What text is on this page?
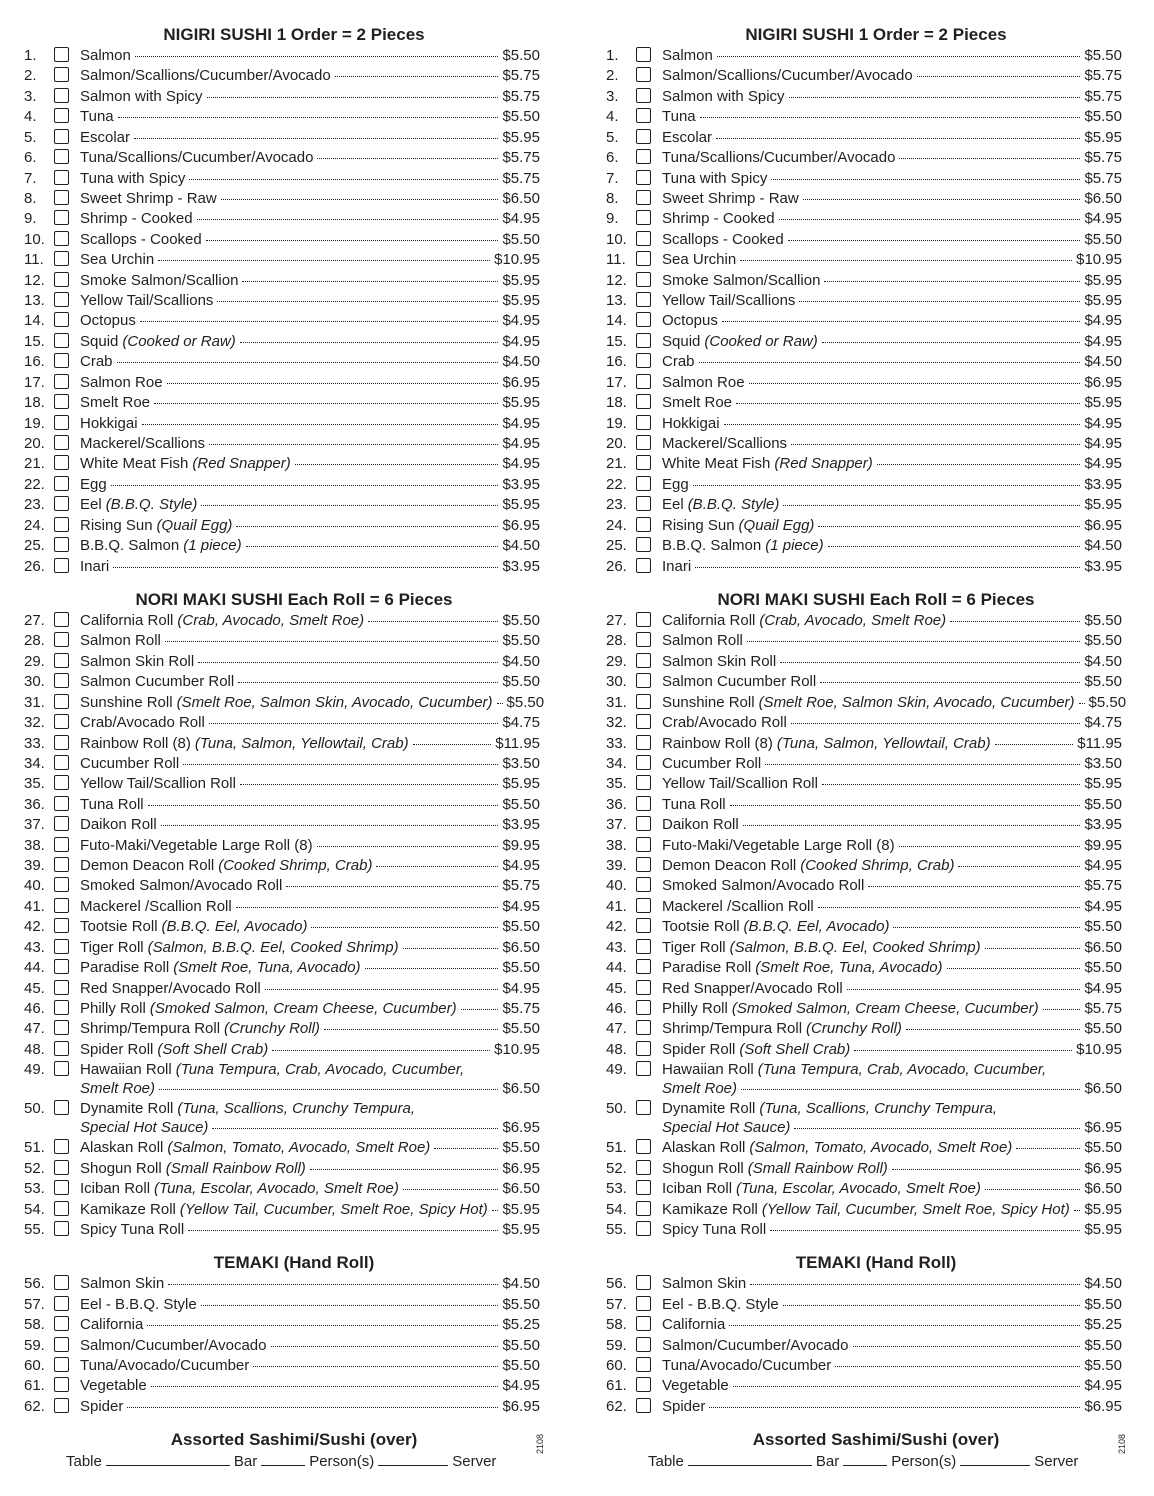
NIGIRI SUSHI 1 Order = 2 Pieces
1.	Salmon	$5.50
2.	Salmon/Scallions/Cucumber/Avocado	$5.75
3.	Salmon with Spicy	$5.75
4.	Tuna	$5.50
5.	Escolar	$5.95
6.	Tuna/Scallions/Cucumber/Avocado	$5.75
7.	Tuna with Spicy	$5.75
8.	Sweet Shrimp - Raw	$6.50
9.	Shrimp - Cooked	$4.95
10.	Scallops - Cooked	$5.50
11.	Sea Urchin	$10.95
12.	Smoke Salmon/Scallion	$5.95
13.	Yellow Tail/Scallions	$5.95
14.	Octopus	$4.95
15.	Squid (Cooked or Raw)	$4.95
16.	Crab	$4.50
17.	Salmon Roe	$6.95
18.	Smelt Roe	$5.95
19.	Hokkigai	$4.95
20.	Mackerel/Scallions	$4.95
21.	White Meat Fish (Red Snapper)	$4.95
22.	Egg	$3.95
23.	Eel (B.B.Q. Style)	$5.95
24.	Rising Sun (Quail Egg)	$6.95
25.	B.B.Q. Salmon (1 piece)	$4.50
26.	Inari	$3.95
NORI MAKI SUSHI Each Roll = 6 Pieces
27.	California Roll (Crab, Avocado, Smelt Roe)	$5.50
28.	Salmon Roll	$5.50
29.	Salmon Skin Roll	$4.50
30.	Salmon Cucumber Roll	$5.50
31.	Sunshine Roll (Smelt Roe, Salmon Skin, Avocado, Cucumber) $5.50
32.	Crab/Avocado Roll	$4.75
33.	Rainbow Roll (8) (Tuna, Salmon, Yellowtail, Crab)	$11.95
34.	Cucumber Roll	$3.50
35.	Yellow Tail/Scallion Roll	$5.95
36.	Tuna Roll	$5.50
37.	Daikon Roll	$3.95
38.	Futo-Maki/Vegetable Large Roll (8)	$9.95
39.	Demon Deacon Roll (Cooked Shrimp, Crab)	$4.95
40.	Smoked Salmon/Avocado Roll	$5.75
41.	Mackerel /Scallion Roll	$4.95
42.	Tootsie Roll (B.B.Q. Eel, Avocado)	$5.50
43.	Tiger Roll (Salmon, B.B.Q. Eel, Cooked Shrimp)	$6.50
44.	Paradise Roll (Smelt Roe, Tuna, Avocado)	$5.50
45.	Red Snapper/Avocado Roll	$4.95
46.	Philly Roll (Smoked Salmon, Cream Cheese, Cucumber)	$5.75
47.	Shrimp/Tempura Roll (Crunchy Roll)	$5.50
48.	Spider Roll (Soft Shell Crab)	$10.95
49.	Hawaiian Roll (Tuna Tempura, Crab, Avocado, Cucumber,
Smelt Roe)	$6.50
50.	Dynamite Roll (Tuna, Scallions, Crunchy Tempura,
Special Hot Sauce)	$6.95
51.	Alaskan Roll (Salmon, Tomato, Avocado, Smelt Roe)	$5.50
52.	Shogun Roll (Small Rainbow Roll)	$6.95
53.	Iciban Roll (Tuna, Escolar, Avocado, Smelt Roe)	$6.50
54.	Kamikaze Roll (Yellow Tail, Cucumber, Smelt Roe, Spicy Hot) $5.95
55.	Spicy Tuna Roll	$5.95
TEMAKI (Hand Roll)
56.	Salmon Skin	$4.50
57.	Eel - B.B.Q. Style	$5.50
58.	California	$5.25
59.	Salmon/Cucumber/Avocado	$5.50
60.	Tuna/Avocado/Cucumber	$5.50
61.	Vegetable	$4.95
62.	Spider	$6.95
Assorted Sashimi/Sushi (over)
Table	Bar	Person(s)	Server
2108
NIGIRI SUSHI 1 Order = 2 Pieces
1.	Salmon	$5.50
2.	Salmon/Scallions/Cucumber/Avocado	$5.75
3.	Salmon with Spicy	$5.75
4.	Tuna	$5.50
5.	Escolar	$5.95
6.	Tuna/Scallions/Cucumber/Avocado	$5.75
7.	Tuna with Spicy	$5.75
8.	Sweet Shrimp - Raw	$6.50
9.	Shrimp - Cooked	$4.95
10.	Scallops - Cooked	$5.50
11.	Sea Urchin	$10.95
12.	Smoke Salmon/Scallion	$5.95
13.	Yellow Tail/Scallions	$5.95
14.	Octopus	$4.95
15.	Squid (Cooked or Raw)	$4.95
16.	Crab	$4.50
17.	Salmon Roe	$6.95
18.	Smelt Roe	$5.95
19.	Hokkigai	$4.95
20.	Mackerel/Scallions	$4.95
21.	White Meat Fish (Red Snapper)	$4.95
22.	Egg	$3.95
23.	Eel (B.B.Q. Style)	$5.95
24.	Rising Sun (Quail Egg)	$6.95
25.	B.B.Q. Salmon (1 piece)	$4.50
26.	Inari	$3.95
NORI MAKI SUSHI Each Roll = 6 Pieces
27.	California Roll (Crab, Avocado, Smelt Roe)	$5.50
28.	Salmon Roll	$5.50
29.	Salmon Skin Roll	$4.50
30.	Salmon Cucumber Roll	$5.50
31.	Sunshine Roll (Smelt Roe, Salmon Skin, Avocado, Cucumber) $5.50
32.	Crab/Avocado Roll	$4.75
33.	Rainbow Roll (8) (Tuna, Salmon, Yellowtail, Crab)	$11.95
34.	Cucumber Roll	$3.50
35.	Yellow Tail/Scallion Roll	$5.95
36.	Tuna Roll	$5.50
37.	Daikon Roll	$3.95
38.	Futo-Maki/Vegetable Large Roll (8)	$9.95
39.	Demon Deacon Roll (Cooked Shrimp, Crab)	$4.95
40.	Smoked Salmon/Avocado Roll	$5.75
41.	Mackerel /Scallion Roll	$4.95
42.	Tootsie Roll (B.B.Q. Eel, Avocado)	$5.50
43.	Tiger Roll (Salmon, B.B.Q. Eel, Cooked Shrimp)	$6.50
44.	Paradise Roll (Smelt Roe, Tuna, Avocado)	$5.50
45.	Red Snapper/Avocado Roll	$4.95
46.	Philly Roll (Smoked Salmon, Cream Cheese, Cucumber)	$5.75
47.	Shrimp/Tempura Roll (Crunchy Roll)	$5.50
48.	Spider Roll (Soft Shell Crab)	$10.95
49.	Hawaiian Roll (Tuna Tempura, Crab, Avocado, Cucumber,
Smelt Roe)	$6.50
50.	Dynamite Roll (Tuna, Scallions, Crunchy Tempura,
Special Hot Sauce)	$6.95
51.	Alaskan Roll (Salmon, Tomato, Avocado, Smelt Roe)	$5.50
52.	Shogun Roll (Small Rainbow Roll)	$6.95
53.	Iciban Roll (Tuna, Escolar, Avocado, Smelt Roe)	$6.50
54.	Kamikaze Roll (Yellow Tail, Cucumber, Smelt Roe, Spicy Hot) $5.95
55.	Spicy Tuna Roll	$5.95
TEMAKI (Hand Roll)
56.	Salmon Skin	$4.50
57.	Eel - B.B.Q. Style	$5.50
58.	California	$5.25
59.	Salmon/Cucumber/Avocado	$5.50
60.	Tuna/Avocado/Cucumber	$5.50
61.	Vegetable	$4.95
62.	Spider	$6.95
Assorted Sashimi/Sushi (over)
Table	Bar	Person(s)	Server
2108
